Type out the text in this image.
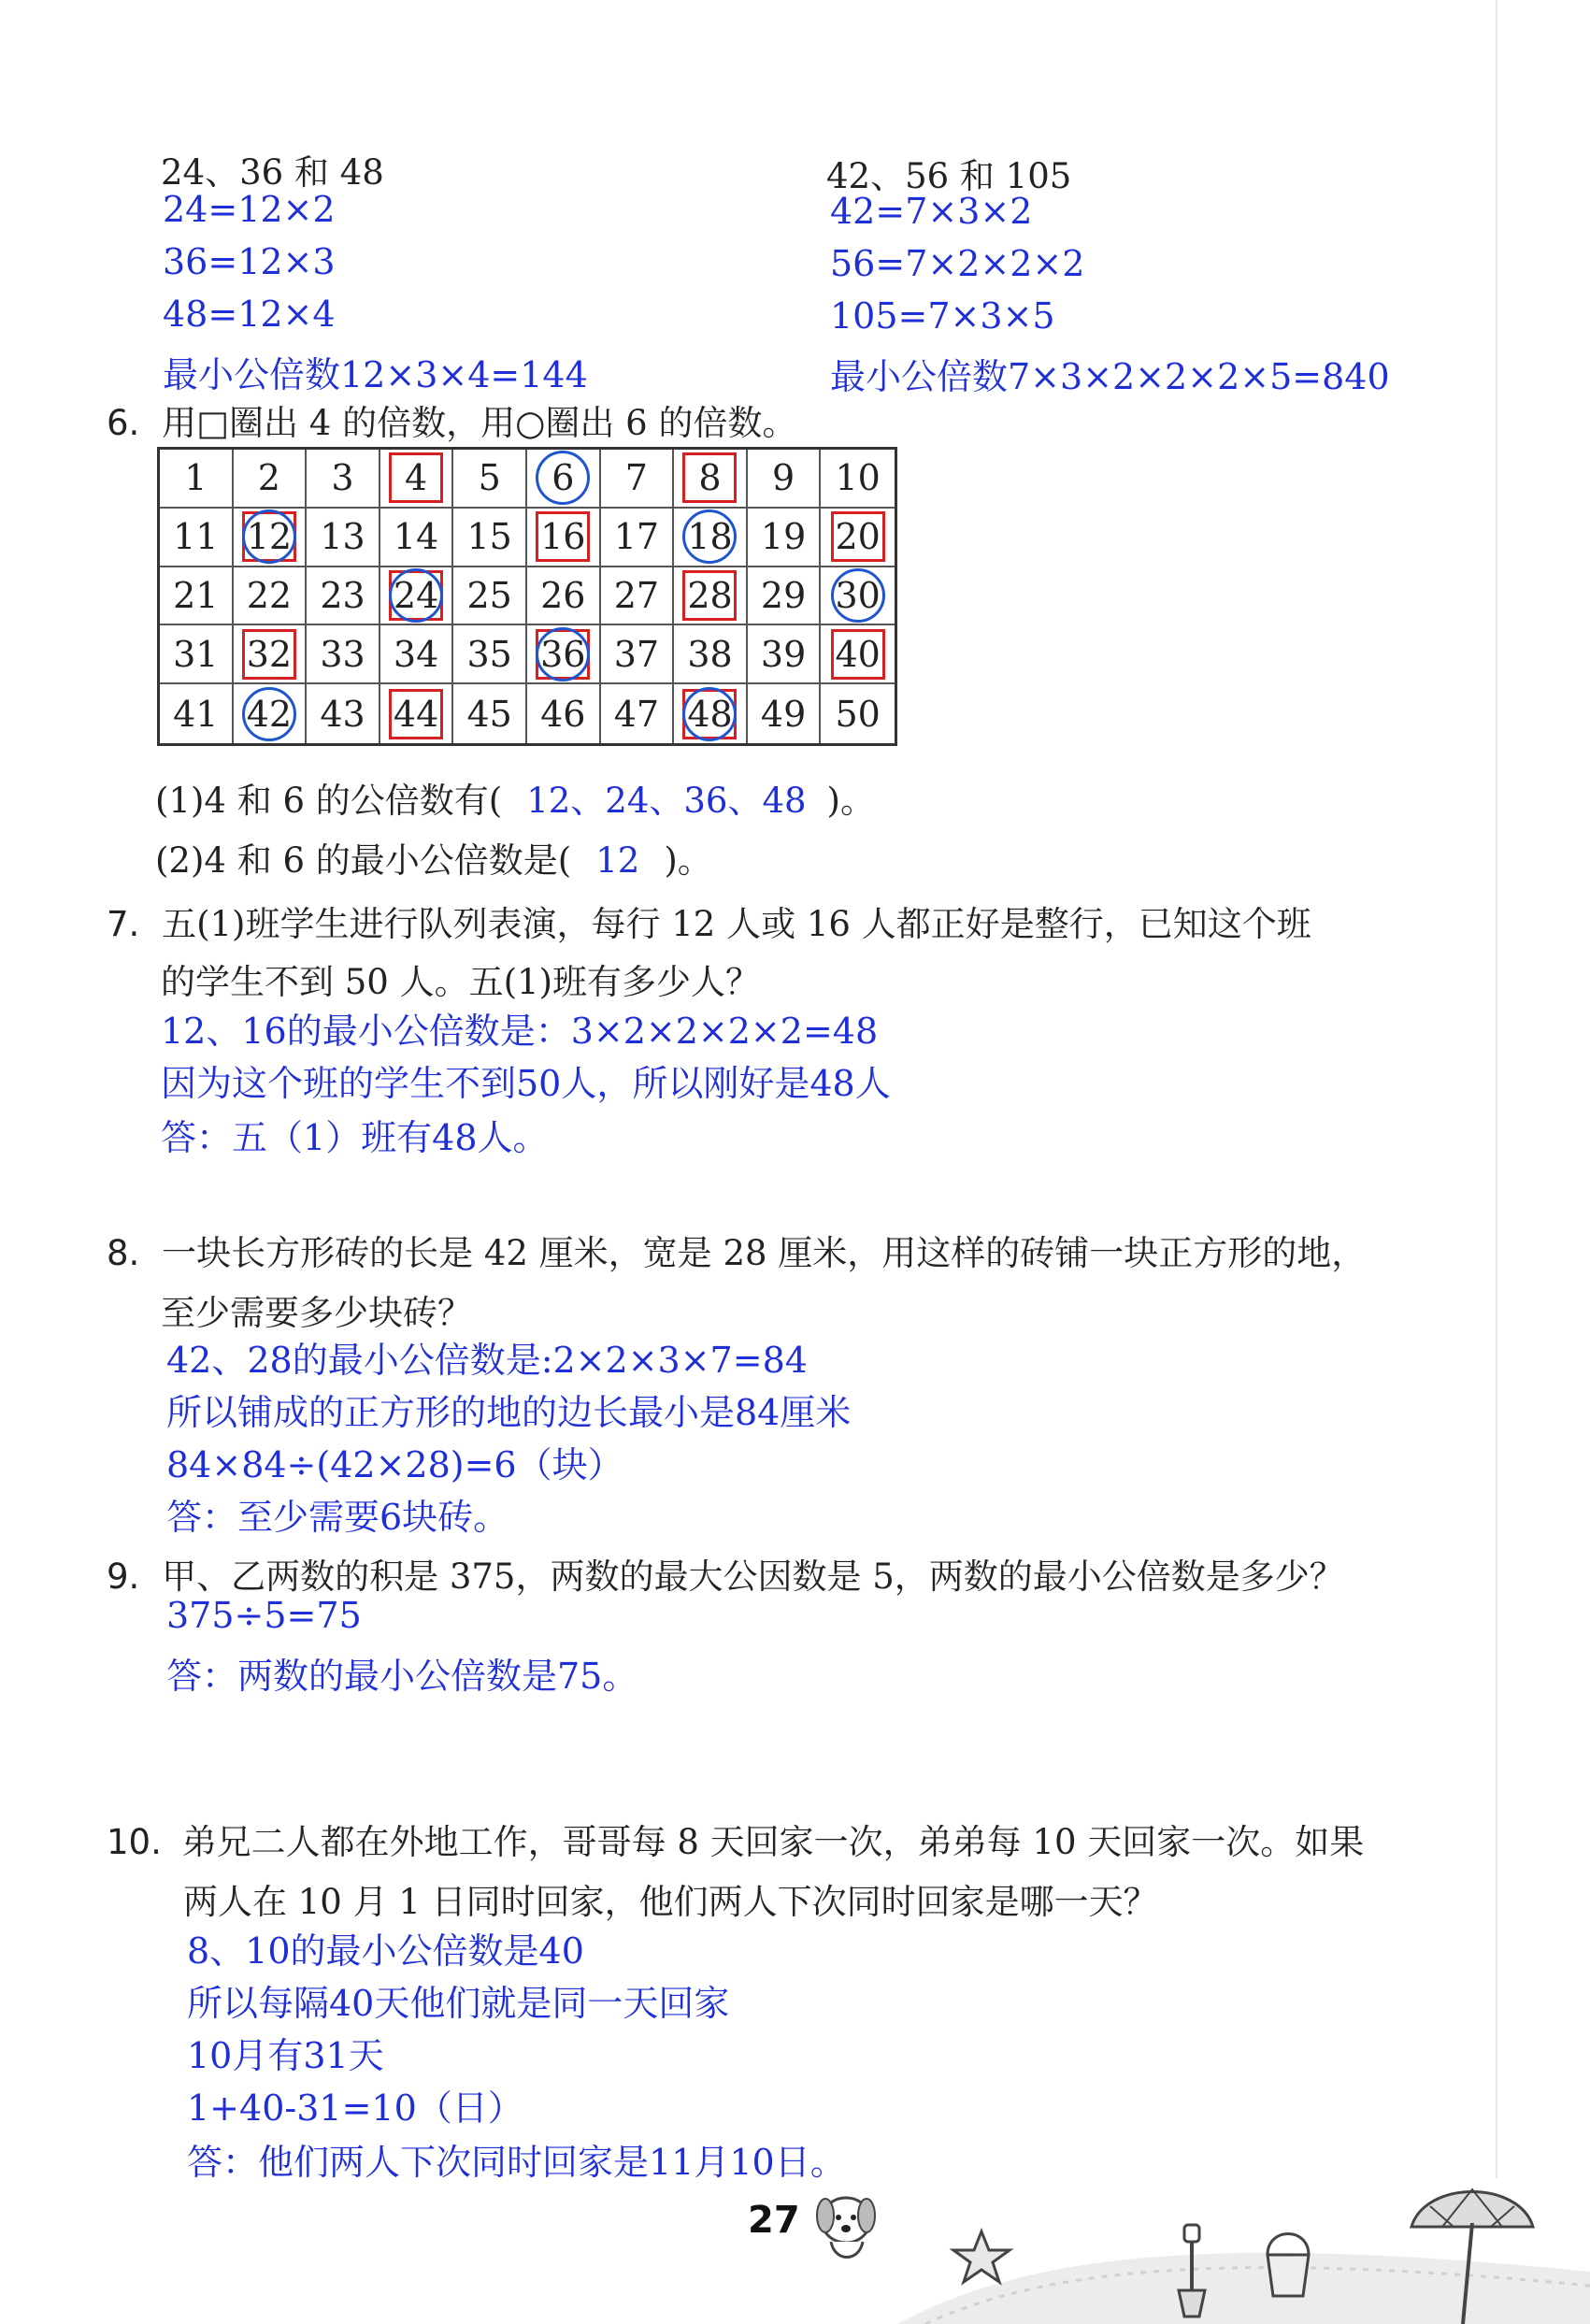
24、36 和 48
24=12×2
36=12×3
48=12×4
最小公倍数12×3×4=144
42、56 和 105
42=7×3×2
56=7×2×2×2
105=7×3×5
最小公倍数7×3×2×2×2×5=840
6. 用□圈出 4 的倍数，用○圈出 6 的倍数。
1 2 3 4 5 6 7 8 9 10
11 12 13 14 15 16 17 18 19 20
21 22 23 24 25 26 27 28 29 30
31 32 33 34 35 36 37 38 39 40
41 42 43 44 45 46 47 48 49 50
(1)4 和 6 的公倍数有( 12、24、36、48 )。
(2)4 和 6 的最小公倍数是( 12 )。
7. 五(1)班学生进行队列表演，每行 12 人或 16 人都正好是整行，已知这个班
的学生不到 50 人。五(1)班有多少人？
12、16的最小公倍数是：3×2×2×2×2=48
因为这个班的学生不到50人，所以刚好是48人
答：五（1）班有48人。
8. 一块长方形砖的长是 42 厘米，宽是 28 厘米，用这样的砖铺一块正方形的地，
至少需要多少块砖？
42、28的最小公倍数是:2×2×3×7=84
所以铺成的正方形的地的边长最小是84厘米
84×84÷(42×28)=6（块）
答：至少需要6块砖。
9. 甲、乙两数的积是 375，两数的最大公因数是 5，两数的最小公倍数是多少？
375÷5=75
答：两数的最小公倍数是75。
10. 弟兄二人都在外地工作，哥哥每 8 天回家一次，弟弟每 10 天回家一次。如果
两人在 10 月 1 日同时回家，他们两人下次同时回家是哪一天？
8、10的最小公倍数是40
所以每隔40天他们就是同一天回家
10月有31天
1+40-31=10（日）
答：他们两人下次同时回家是11月10日。
27
